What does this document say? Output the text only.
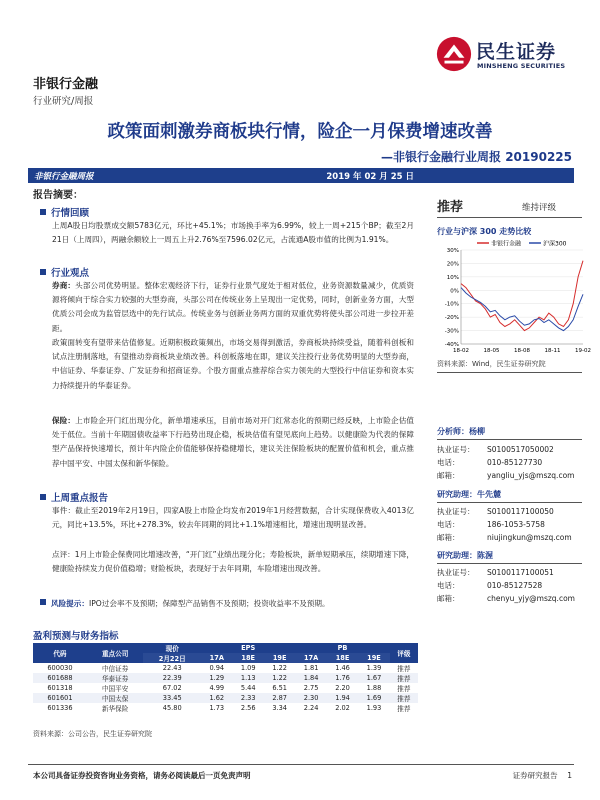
民生证券
MINSHENG SECURITIES
非银行金融
行业研究/周报
政策面刺激券商板块行情，险企一月保费增速改善
—非银行金融行业周报 20190225
非银行金融周报	2019 年 02 月 25 日
报告摘要：
行情回顾
上周A股日均股票成交额5783亿元，环比+45.1%；市场换手率为6.99%，较上一周+215个BP；截至2月21日（上周四），两融余额较上一周五上升2.76%至7596.02亿元，占流通A股市值的比例为1.91%。
行业观点
券商：头部公司优势明显。整体宏观经济下行，证券行业景气度处于相对低位，业务资源数量减少，优质资源将倾向于综合实力较强的大型券商，头部公司在传统业务上呈现出一定优势，同时，创新业务方面，大型优质公司会成为监管层选中的先行试点。传统业务与创新业务两方面的双重优势将使头部公司进一步拉开差距。
政策面转变有望带来估值修复。近期积极政策频出，市场交易得到激活，券商板块持续受益，随着科创板和试点注册制落地，有望推动券商板块业绩改善。科创板落地在即，建议关注投行业务优势明显的大型券商，中信证券、华泰证券、广发证券和招商证券。个股方面重点推荐综合实力领先的大型投行中信证券和资本实力持续提升的华泰证券。
保险：上市险企开门红出现分化，新单增速承压，目前市场对开门红常态化的预期已经反映，上市险企估值处于低位。当前十年期国债收益率下行趋势出现企稳，板块估值有望见底向上趋势。以健康险为代表的保障型产品保持快速增长，预计年内险企价值能够保持稳健增长，建议关注保险板块的配置价值和机会，重点推荐中国平安、中国太保和新华保险。
上周重点报告
事件：截止至2019年2月19日，四家A股上市险企均发布2019年1月经营数据，合计实现保费收入4013亿元，同比+13.5%，环比+278.3%，较去年同期的同比+1.1%增速相比，增速出现明显改善。
点评：1月上市险企保费同比增速改善，“开门红”业绩出现分化；寿险板块，新单短期承压，续期增速下降，健康险持续发力促价值稳增；财险板块，表现好于去年同期，车险增速出现改善。
风险提示：IPO过会率不及预期；保障型产品销售不及预期；投资收益率不及预期。
推荐	维持评级
行业与沪深 300 走势比较
非银行金融	沪深300
30%
20%
10%
0%
-10%
-20%
-30%
-40%
18-02	18-05	18-08	18-11	19-02
资料来源：Wind，民生证券研究院
分析师：杨柳
执业证号： S0100517050002
电话：	010-85127730
邮箱：	yangliu_yjs@mszq.com
研究助理：牛先麓
执业证号： S0100117100050
电话：	186-1053-5758
邮箱：	niujingkun@mszq.com
研究助理：陈渥
执业证号： S0100117100051
电话：	010-85127528
邮箱：	chenyu_yjy@mszq.com
盈利预测与财务指标
代码	重点公司	现价	EPS			PB			评级
		2月22日	17A	18E	19E	17A	18E	19E	
600030	中信证券	22.43	0.94	1.09	1.22	1.81	1.46	1.39	推荐
601688	华泰证券	22.39	1.29	1.13	1.22	1.84	1.76	1.67	推荐
601318	中国平安	67.02	4.99	5.44	6.51	2.75	2.20	1.88	推荐
601601	中国太保	33.45	1.62	2.33	2.87	2.30	1.94	1.69	推荐
601336	新华保险	45.80	1.73	2.56	3.34	2.24	2.02	1.93	推荐
资料来源：公司公告，民生证券研究院
本公司具备证券投资咨询业务资格，请务必阅读最后一页免责声明	证券研究报告 1
